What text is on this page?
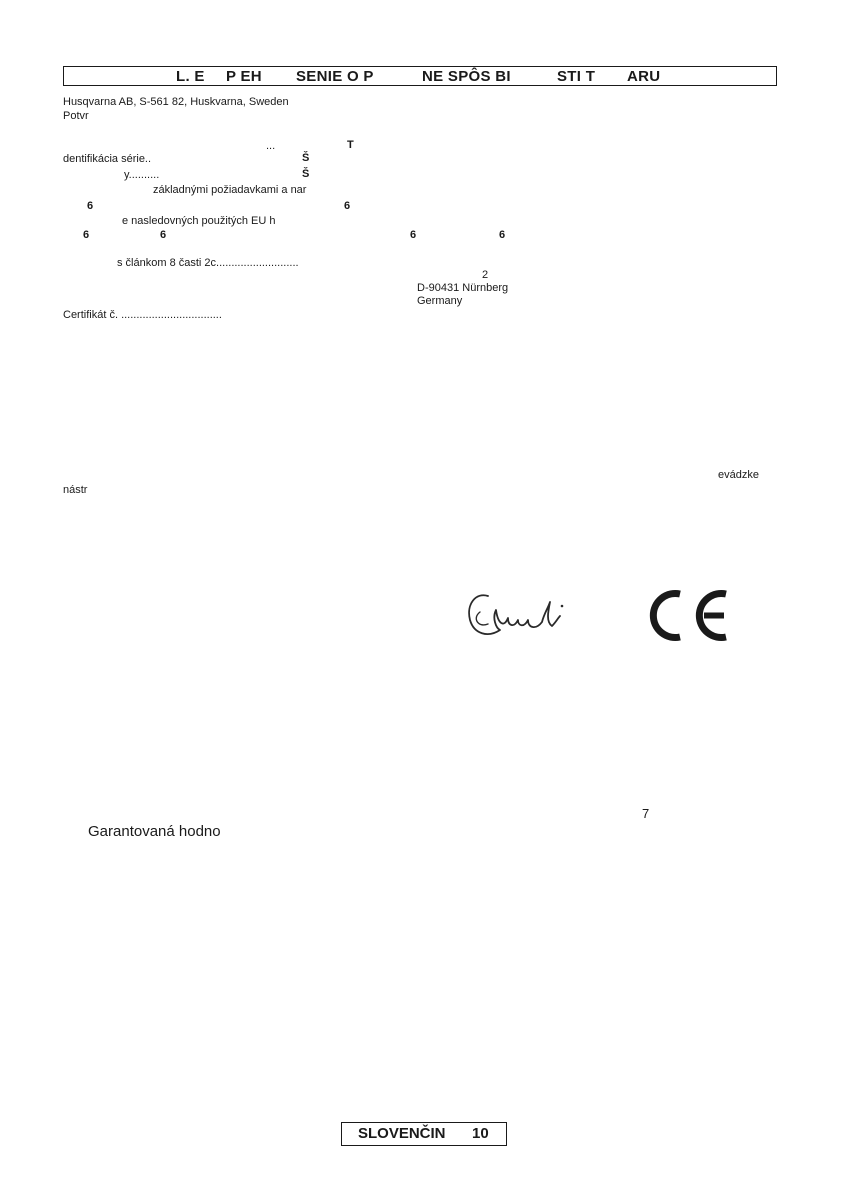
L. E P EH SENIE O P	NE SPÔS BI	STI T ARU
Husqvarna AB, S-561 82, Huskvarna, Sweden
Potvr
...	T
dentifikácia série..	Š
y..........	Š
základnými požiadavkami a nar
6	6
e nasledovných použitých EU h
6	6	6	6
s článkom 8 časti 2c...........................
2
D-90431 Nürnberg
Germany
Certifikát č. .................................
evádzke
nástr
7
Garantovaná hodno
SLOVENČIN 10
